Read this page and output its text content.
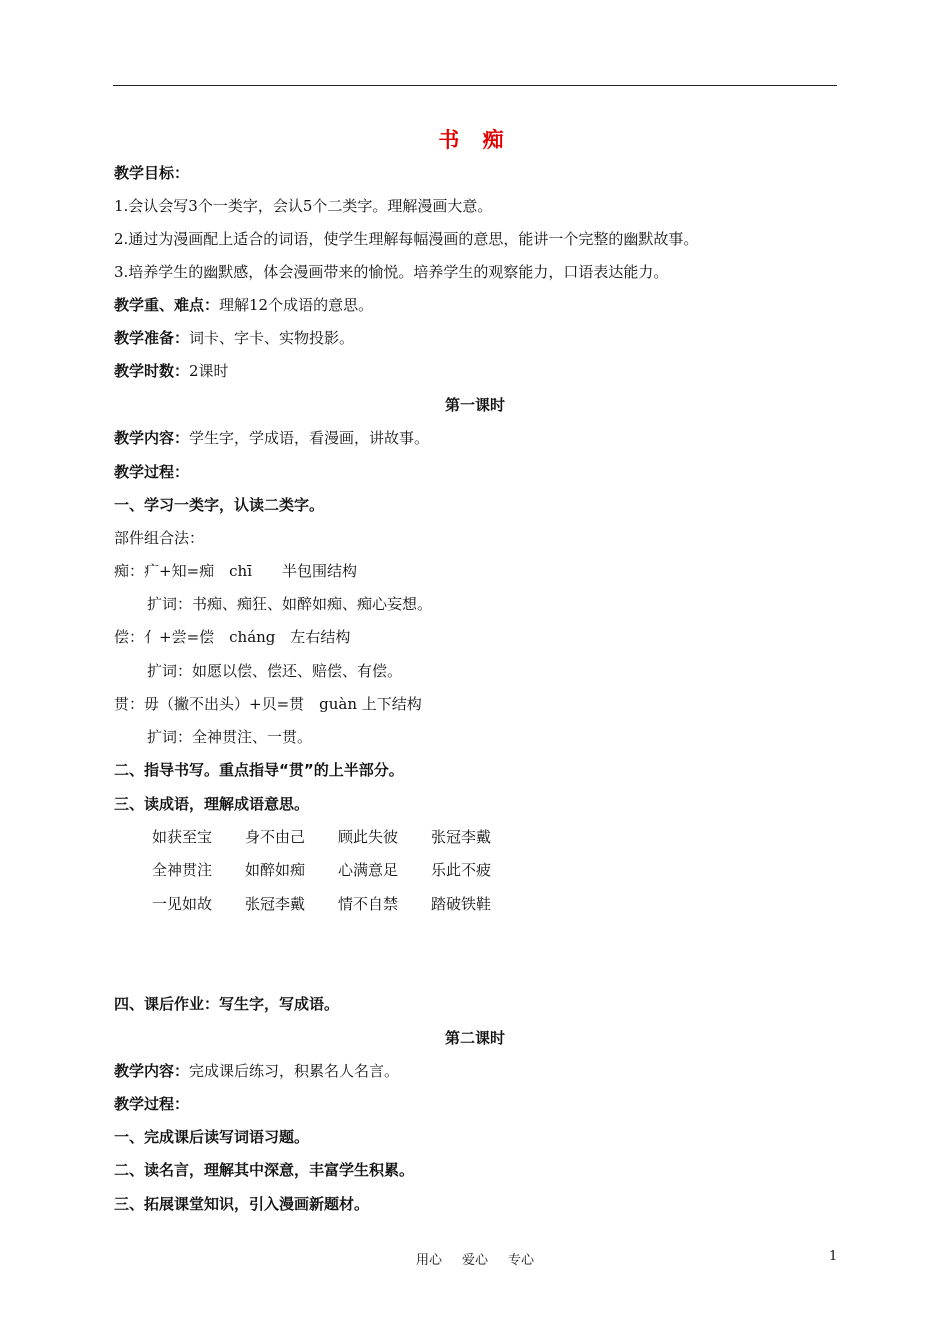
书 痴
教学目标：
1.会认会写3个一类字，会认5个二类字。理解漫画大意。
2.通过为漫画配上适合的词语，使学生理解每幅漫画的意思，能讲一个完整的幽默故事。
3.培养学生的幽默感，体会漫画带来的愉悦。培养学生的观察能力，口语表达能力。
教学重、难点：理解12个成语的意思。
教学准备：词卡、字卡、实物投影。
教学时数：2课时
第一课时
教学内容：学生字，学成语，看漫画，讲故事。
教学过程：
一、学习一类字，认读二类字。
部件组合法：
痴：疒+知=痴　chī　　半包围结构
扩词：书痴、痴狂、如醉如痴、痴心妄想。
偿：亻+尝=偿　cháng　左右结构
扩词：如愿以偿、偿还、赔偿、有偿。
贯：毋（撇不出头）+贝=贯　guàn 上下结构
扩词：全神贯注、一贯。
二、指导书写。重点指导“贯”的上半部分。
三、读成语，理解成语意思。
如获至宝 身不由己 顾此失彼 张冠李戴
全神贯注 如醉如痴 心满意足 乐此不疲
一见如故 张冠李戴 情不自禁 踏破铁鞋
四、课后作业：写生字，写成语。
第二课时
教学内容：完成课后练习，积累名人名言。
教学过程：
一、完成课后读写词语习题。
二、读名言，理解其中深意，丰富学生积累。
三、拓展课堂知识，引入漫画新题材。
用心 爱心 专心	1
